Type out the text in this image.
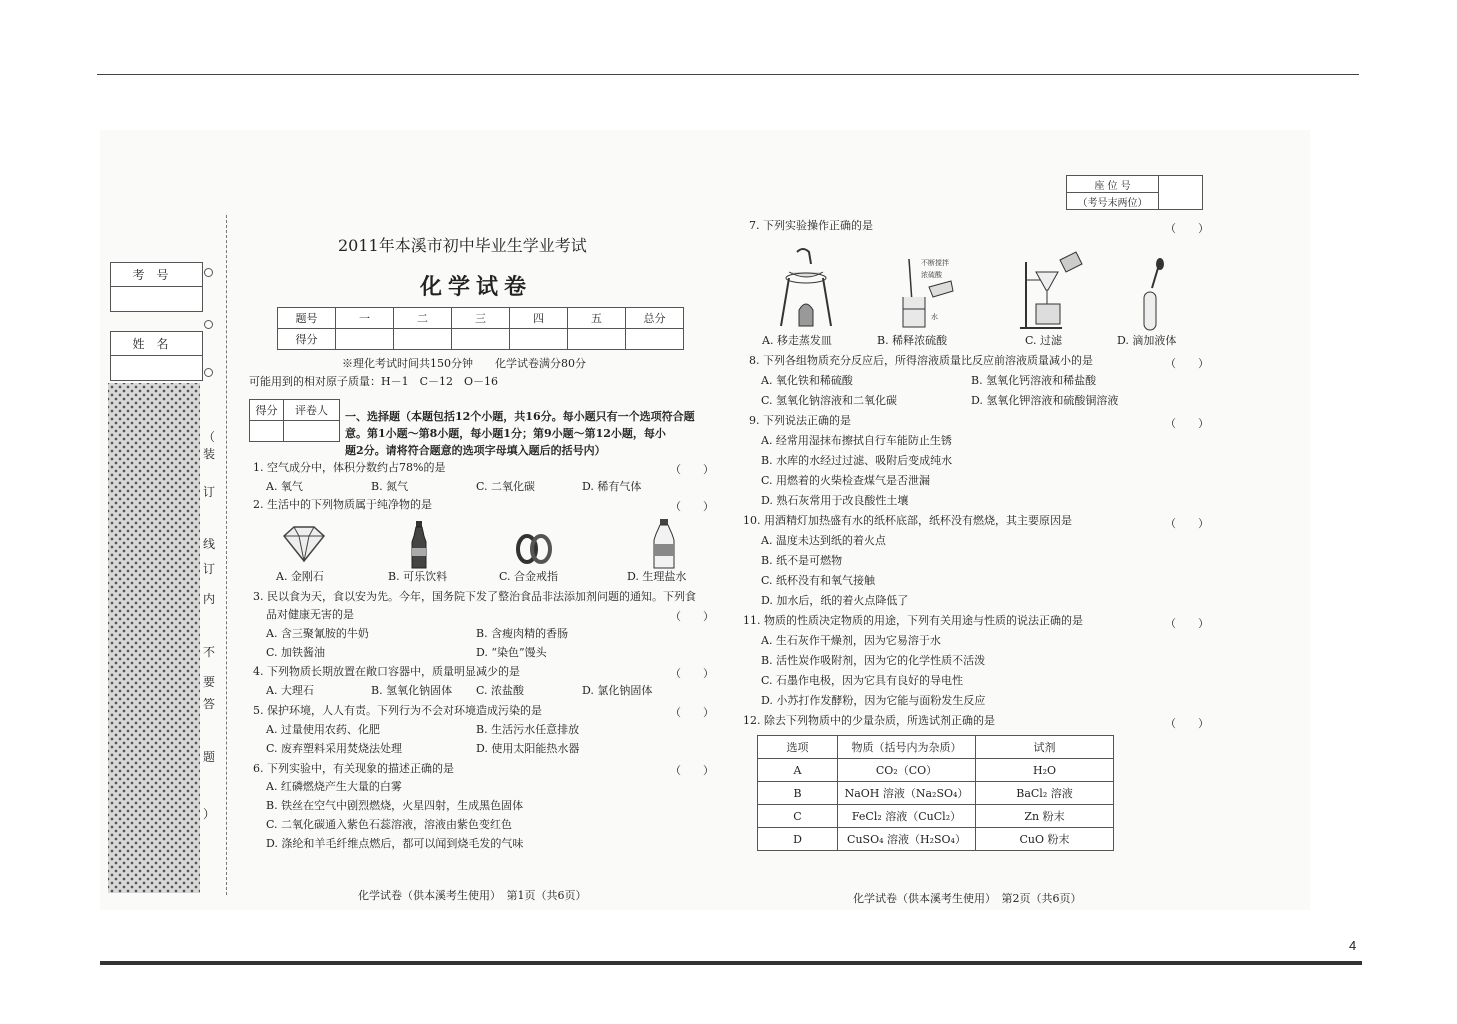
考号
姓名
（
装
订
线
订
内
不
要
答
题
）
2011年本溪市初中毕业生学业考试
化学试卷
题号	一	二	三	四	五	总分
得分						
※理化考试时间共150分钟　　化学试卷满分80分
可能用到的相对原子质量：H－1　C－12　O－16
得分	评卷人
	一、选择题（本题包括12个小题，共16分。每小题只有一个选项符合题
意。第1小题～第8小题，每小题1分；第9小题～第12小题，每小
题2分。请将符合题意的选项字母填入题后的括号内）
1. 空气成分中，体积分数约占78%的是	（　　）
A. 氧气	B. 氮气	C. 二氧化碳	D. 稀有气体
2. 生活中的下列物质属于纯净物的是	（　　）
A. 金刚石	B. 可乐饮料	C. 合金戒指	D. 生理盐水
3. 民以食为天，食以安为先。今年，国务院下发了整治食品非法添加剂问题的通知。下列食
品对健康无害的是	（　　）
A. 含三聚氰胺的牛奶	B. 含瘦肉精的香肠
C. 加铁酱油	D. “染色”馒头
4. 下列物质长期放置在敞口容器中，质量明显减少的是	（　　）
A. 大理石	B. 氢氧化钠固体 C. 浓盐酸	D. 氯化钠固体
5. 保护环境，人人有责。下列行为不会对环境造成污染的是	（　　）
A. 过量使用农药、化肥	B. 生活污水任意排放
C. 废弃塑料采用焚烧法处理	D. 使用太阳能热水器
6. 下列实验中，有关现象的描述正确的是	（　　）
A. 红磷燃烧产生大量的白雾
B. 铁丝在空气中剧烈燃烧，火星四射，生成黑色固体
C. 二氧化碳通入紫色石蕊溶液，溶液由紫色变红色
D. 涤纶和羊毛纤维点燃后，都可以闻到烧毛发的气味
化学试卷（供本溪考生使用）　第1页（共6页）
座 位 号	
（考号末两位）
7. 下列实验操作正确的是	（　　）
不断搅拌
浓硫酸
水
A. 移走蒸发皿	B. 稀释浓硫酸	C. 过滤	D. 滴加液体
8. 下列各组物质充分反应后，所得溶液质量比反应前溶液质量减小的是	（　　）
A. 氧化铁和稀硫酸	B. 氢氧化钙溶液和稀盐酸
C. 氢氧化钠溶液和二氧化碳	D. 氢氧化钾溶液和硫酸铜溶液
9. 下列说法正确的是	（　　）
A. 经常用湿抹布擦拭自行车能防止生锈
B. 水库的水经过过滤、吸附后变成纯水
C. 用燃着的火柴检查煤气是否泄漏
D. 熟石灰常用于改良酸性土壤
10. 用酒精灯加热盛有水的纸杯底部，纸杯没有燃烧，其主要原因是	（　　）
A. 温度未达到纸的着火点
B. 纸不是可燃物
C. 纸杯没有和氧气接触
D. 加水后，纸的着火点降低了
11. 物质的性质决定物质的用途，下列有关用途与性质的说法正确的是	（　　）
A. 生石灰作干燥剂，因为它易溶于水
B. 活性炭作吸附剂，因为它的化学性质不活泼
C. 石墨作电极，因为它具有良好的导电性
D. 小苏打作发酵粉，因为它能与面粉发生反应
12. 除去下列物质中的少量杂质，所选试剂正确的是	（　　）
选项	物质（括号内为杂质）	试剂
A	CO₂（CO）	H₂O
B	NaOH 溶液（Na₂SO₄）	BaCl₂ 溶液
C	FeCl₂ 溶液（CuCl₂）	Zn 粉末
D	CuSO₄ 溶液（H₂SO₄）	CuO 粉末
化学试卷（供本溪考生使用）　第2页（共6页）
4
